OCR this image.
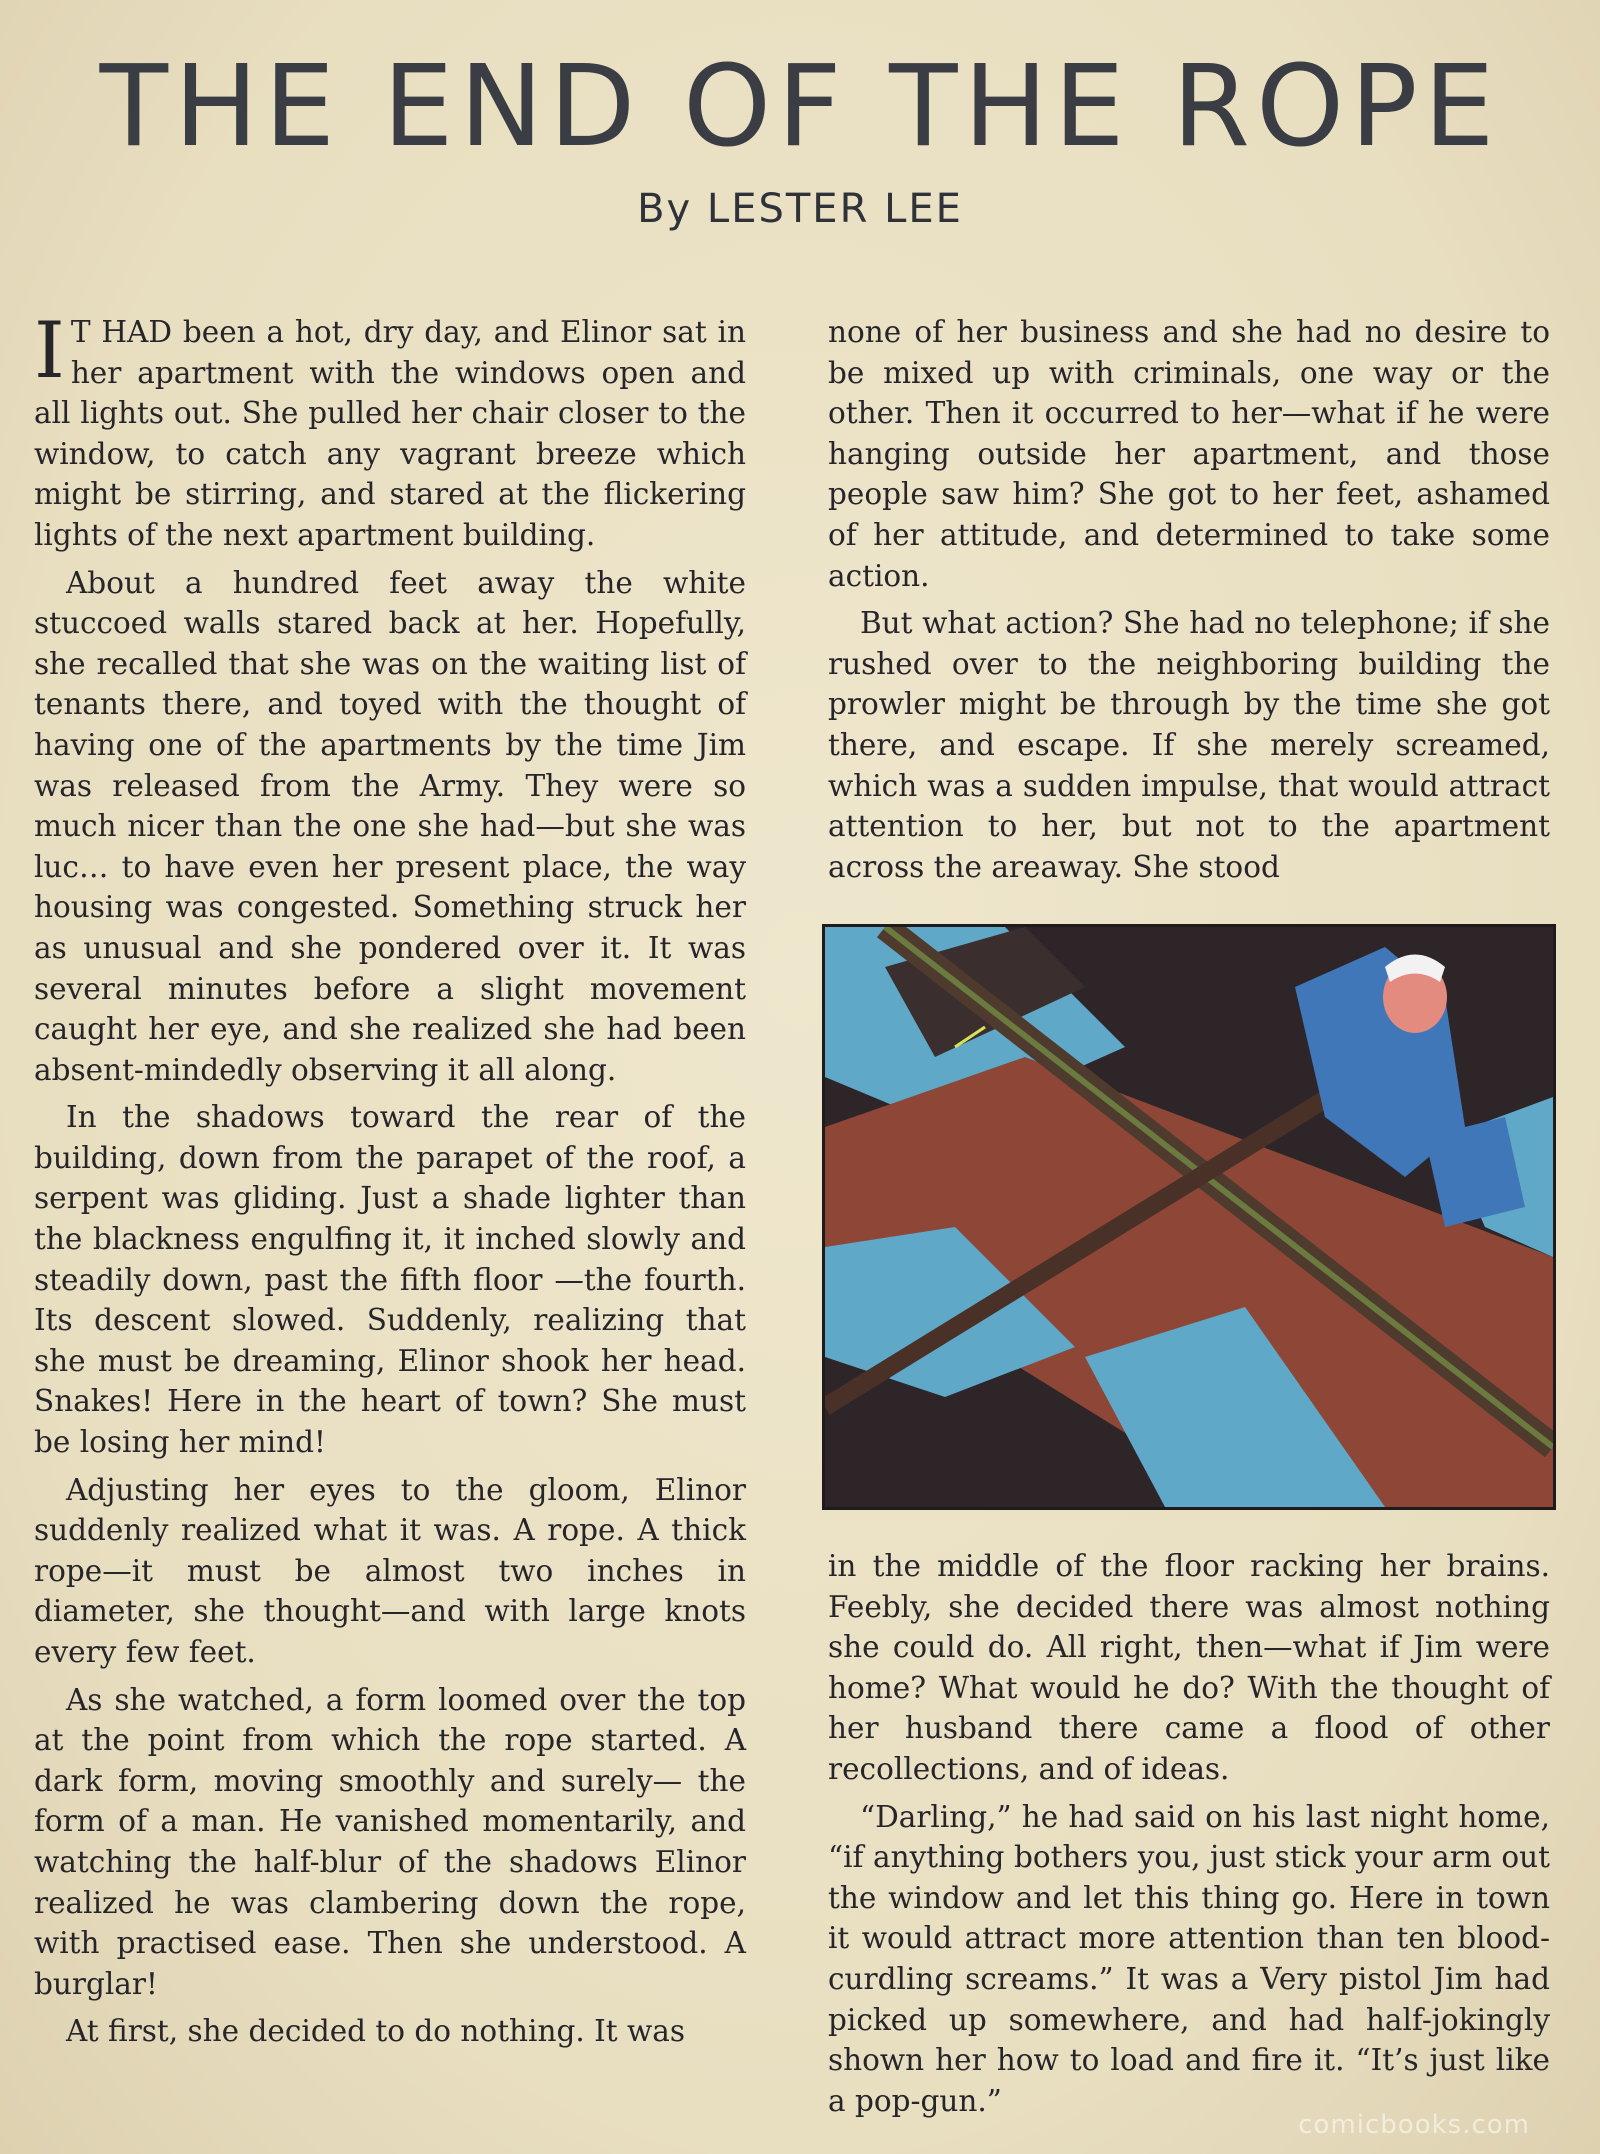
THE END OF THE ROPE

By LESTER LEE

I T HAD been a hot, dry day, and Elinor sat in her apartment with the windows open and all lights out. She pulled her chair closer to the window, to catch any vagrant breeze which might be stirring, and stared at the flickering lights of the next apartment building.

About a hundred feet away the white stuccoed walls stared back at her. Hopefully, she recalled that she was on the waiting list of tenants there, and toyed with the thought of having one of the apartments by the time Jim was released from the Army. They were so much nicer than the one she had—but she was luc… to have even her present place, the way housing was congested. Something struck her as unusual and she pondered over it. It was several minutes before a slight movement caught her eye, and she realized she had been absent-mindedly observing it all along.

In the shadows toward the rear of the building, down from the parapet of the roof, a serpent was gliding. Just a shade lighter than the blackness engulfing it, it inched slowly and steadily down, past the fifth floor —the fourth. Its descent slowed. Suddenly, realizing that she must be dreaming, Elinor shook her head. Snakes! Here in the heart of town? She must be losing her mind!

Adjusting her eyes to the gloom, Elinor suddenly realized what it was. A rope. A thick rope—it must be almost two inches in diameter, she thought—and with large knots every few feet.

As she watched, a form loomed over the top at the point from which the rope started. A dark form, moving smoothly and surely— the form of a man. He vanished momentarily, and watching the half-blur of the shadows Elinor realized he was clambering down the rope, with practised ease. Then she understood. A burglar!

At first, she decided to do nothing. It was

none of her business and she had no desire to be mixed up with criminals, one way or the other. Then it occurred to her—what if he were hanging outside her apartment, and those people saw him? She got to her feet, ashamed of her attitude, and determined to take some action.

But what action? She had no telephone; if she rushed over to the neighboring building the prowler might be through by the time she got there, and escape. If she merely screamed, which was a sudden impulse, that would attract attention to her, but not to the apartment across the areaway. She stood

in the middle of the floor racking her brains. Feebly, she decided there was almost nothing she could do. All right, then—what if Jim were home? What would he do? With the thought of her husband there came a flood of other recollections, and of ideas.

“Darling,” he had said on his last night home, “if anything bothers you, just stick your arm out the window and let this thing go. Here in town it would attract more attention than ten blood-curdling screams.” It was a Very pistol Jim had picked up somewhere, and had half-jokingly shown her how to load and fire it. “It’s just like a pop-gun.”

comicbooks.com
